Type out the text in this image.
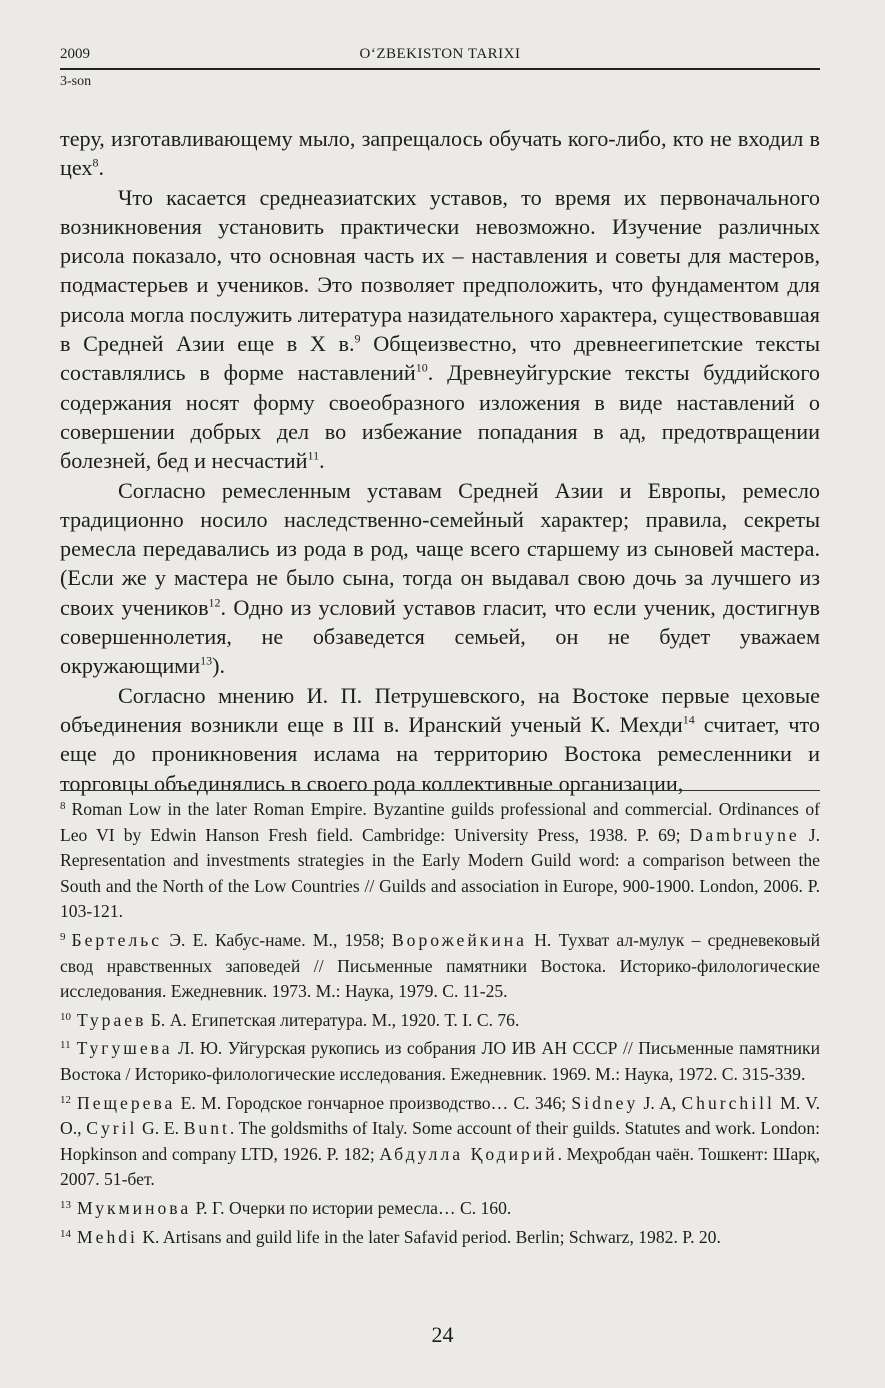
2009	O‘ZBEKISTON TARIXI
3-son

теру, изготавливающему мыло, запрещалось обучать кого-либо, кто не входил в цех$^8$.

Что касается среднеазиатских уставов, то время их первоначального возникновения установить практически невозможно. Изучение различных рисола показало, что основная часть их – наставления и советы для мастеров, подмастерьев и учеников. Это позволяет предположить, что фундаментом для рисола могла послужить литература назидательного характера, существовавшая в Средней Азии еще в X в.$^9$ Общеизвестно, что древнеегипетские тексты составлялись в форме наставлений$^{10}$. Древнеуйгурские тексты буддийского содержания носят форму своеобразного изложения в виде наставлений о совершении добрых дел во избежание попадания в ад, предотвращении болезней, бед и несчастий$^{11}$.

Согласно ремесленным уставам Средней Азии и Европы, ремесло традиционно носило наследственно-семейный характер; правила, секреты ремесла передавались из рода в род, чаще всего старшему из сыновей мастера. (Если же у мастера не было сына, тогда он выдавал свою дочь за лучшего из своих учеников$^{12}$. Одно из условий уставов гласит, что если ученик, достигнув совершеннолетия, не обзаведется семьей, он не будет уважаем окружающими$^{13}$).

Согласно мнению И. П. Петрушевского, на Востоке первые цеховые объединения возникли еще в III в. Иранский ученый К. Мехди$^{14}$ считает, что еще до проникновения ислама на территорию Востока ремесленники и торговцы объединялись в своего рода коллективные организации,

$^8$ Roman Low in the later Roman Empire. Byzantine guilds professional and commercial. Ordinances of Leo VI by Edwin Hanson Fresh field. Cambridge: University Press, 1938. P. 69; Dambruyne J. Representation and investments strategies in the Early Modern Guild word: a comparison between the South and the North of the Low Countries // Guilds and association in Europe, 900-1900. London, 2006. P. 103-121.

$^9$ Бертельс Э. Е. Кабус-наме. М., 1958; Ворожейкина Н. Тухват ал-мулук – средневековый свод нравственных заповедей // Письменные памятники Востока. Историко-филологические исследования. Ежедневник. 1973. М.: Наука, 1979. С. 11-25.

$^{10}$ Тураев Б. А. Египетская литература. М., 1920. Т. I. С. 76.

$^{11}$ Тугушева Л. Ю. Уйгурская рукопись из собрания ЛО ИВ АН СССР // Письменные памятники Востока / Историко-филологические исследования. Ежедневник. 1969. М.: Наука, 1972. С. 315-339.

$^{12}$ Пещерева Е. М. Городское гончарное производство… С. 346; Sidney J. A, Churchill M. V. O., Cyril G. E. Bunt. The goldsmiths of Italy. Some account of their guilds. Statutes and work. London: Hopkinson and company LTD, 1926. P. 182; Абдулла Қодирий. Меҳробдан чаён. Тошкент: Шарқ, 2007. 51-бет.

$^{13}$ Мукминова Р. Г. Очерки по истории ремесла… С. 160.

$^{14}$ Mehdi K. Artisans and guild life in the later Safavid period. Berlin; Schwarz, 1982. P. 20.

24
